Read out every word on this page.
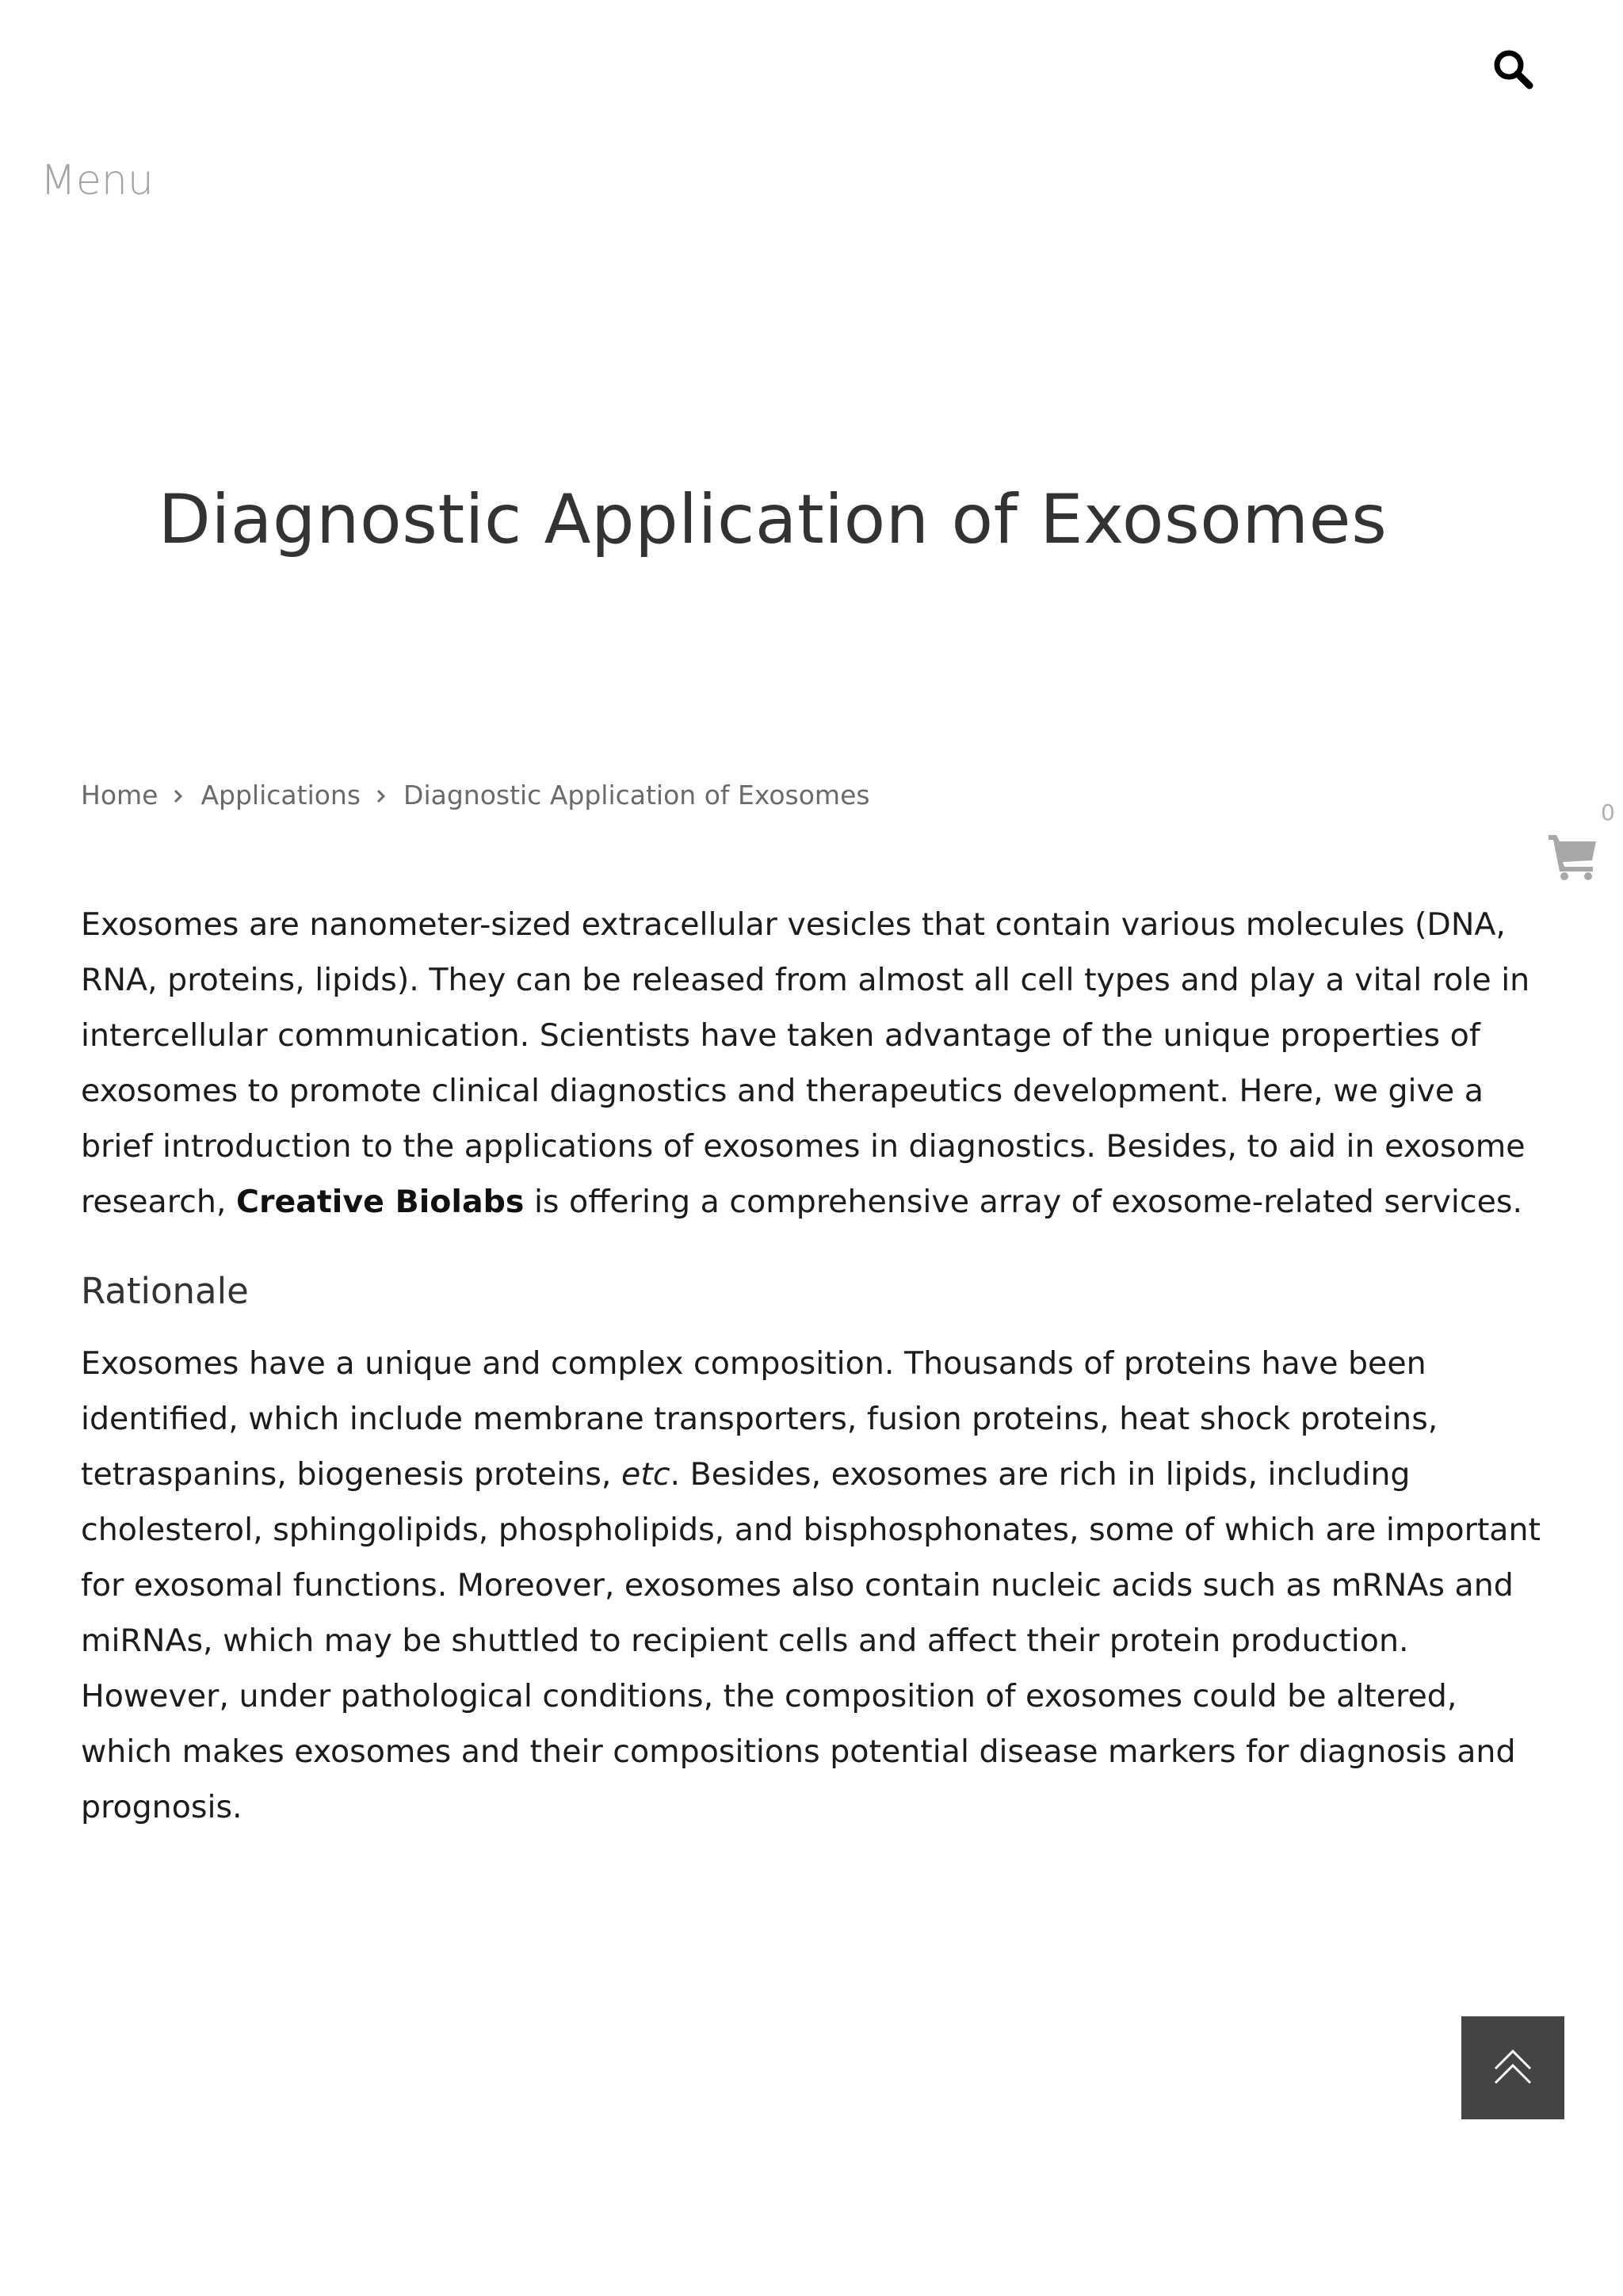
Menu
Diagnostic Application of Exosomes
Home Applications Diagnostic Application of Exosomes
0

Exosomes are nanometer-sized extracellular vesicles that contain various molecules (DNA, RNA, proteins, lipids). They can be released from almost all cell types and play a vital role in intercellular communication. Scientists have taken advantage of the unique properties of exosomes to promote clinical diagnostics and therapeutics development. Here, we give a brief introduction to the applications of exosomes in diagnostics. Besides, to aid in exosome research, Creative Biolabs is offering a comprehensive array of exosome-related services.

Rationale

Exosomes have a unique and complex composition. Thousands of proteins have been identified, which include membrane transporters, fusion proteins, heat shock proteins, tetraspanins, biogenesis proteins, etc. Besides, exosomes are rich in lipids, including cholesterol, sphingolipids, phospholipids, and bisphosphonates, some of which are important for exosomal functions. Moreover, exosomes also contain nucleic acids such as mRNAs and miRNAs, which may be shuttled to recipient cells and affect their protein production. However, under pathological conditions, the composition of exosomes could be altered, which makes exosomes and their compositions potential disease markers for diagnosis and prognosis.
